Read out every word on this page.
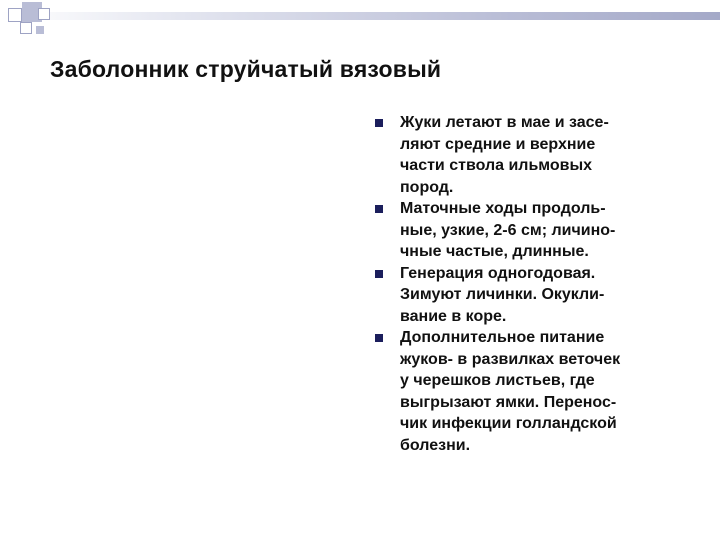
Заболонник струйчатый вязовый
Жуки летают в мае и засе-
ляют средние и верхние
части ствола ильмовых
пород.
Маточные ходы продоль-
ные, узкие, 2-6 см; личино-
чные частые, длинные.
Генерация одногодовая.
Зимуют личинки. Окукли-
вание в коре.
Дополнительное питание
жуков- в развилках веточек
у черешков листьев, где
выгрызают ямки. Перенос-
чик инфекции голландской
болезни.
